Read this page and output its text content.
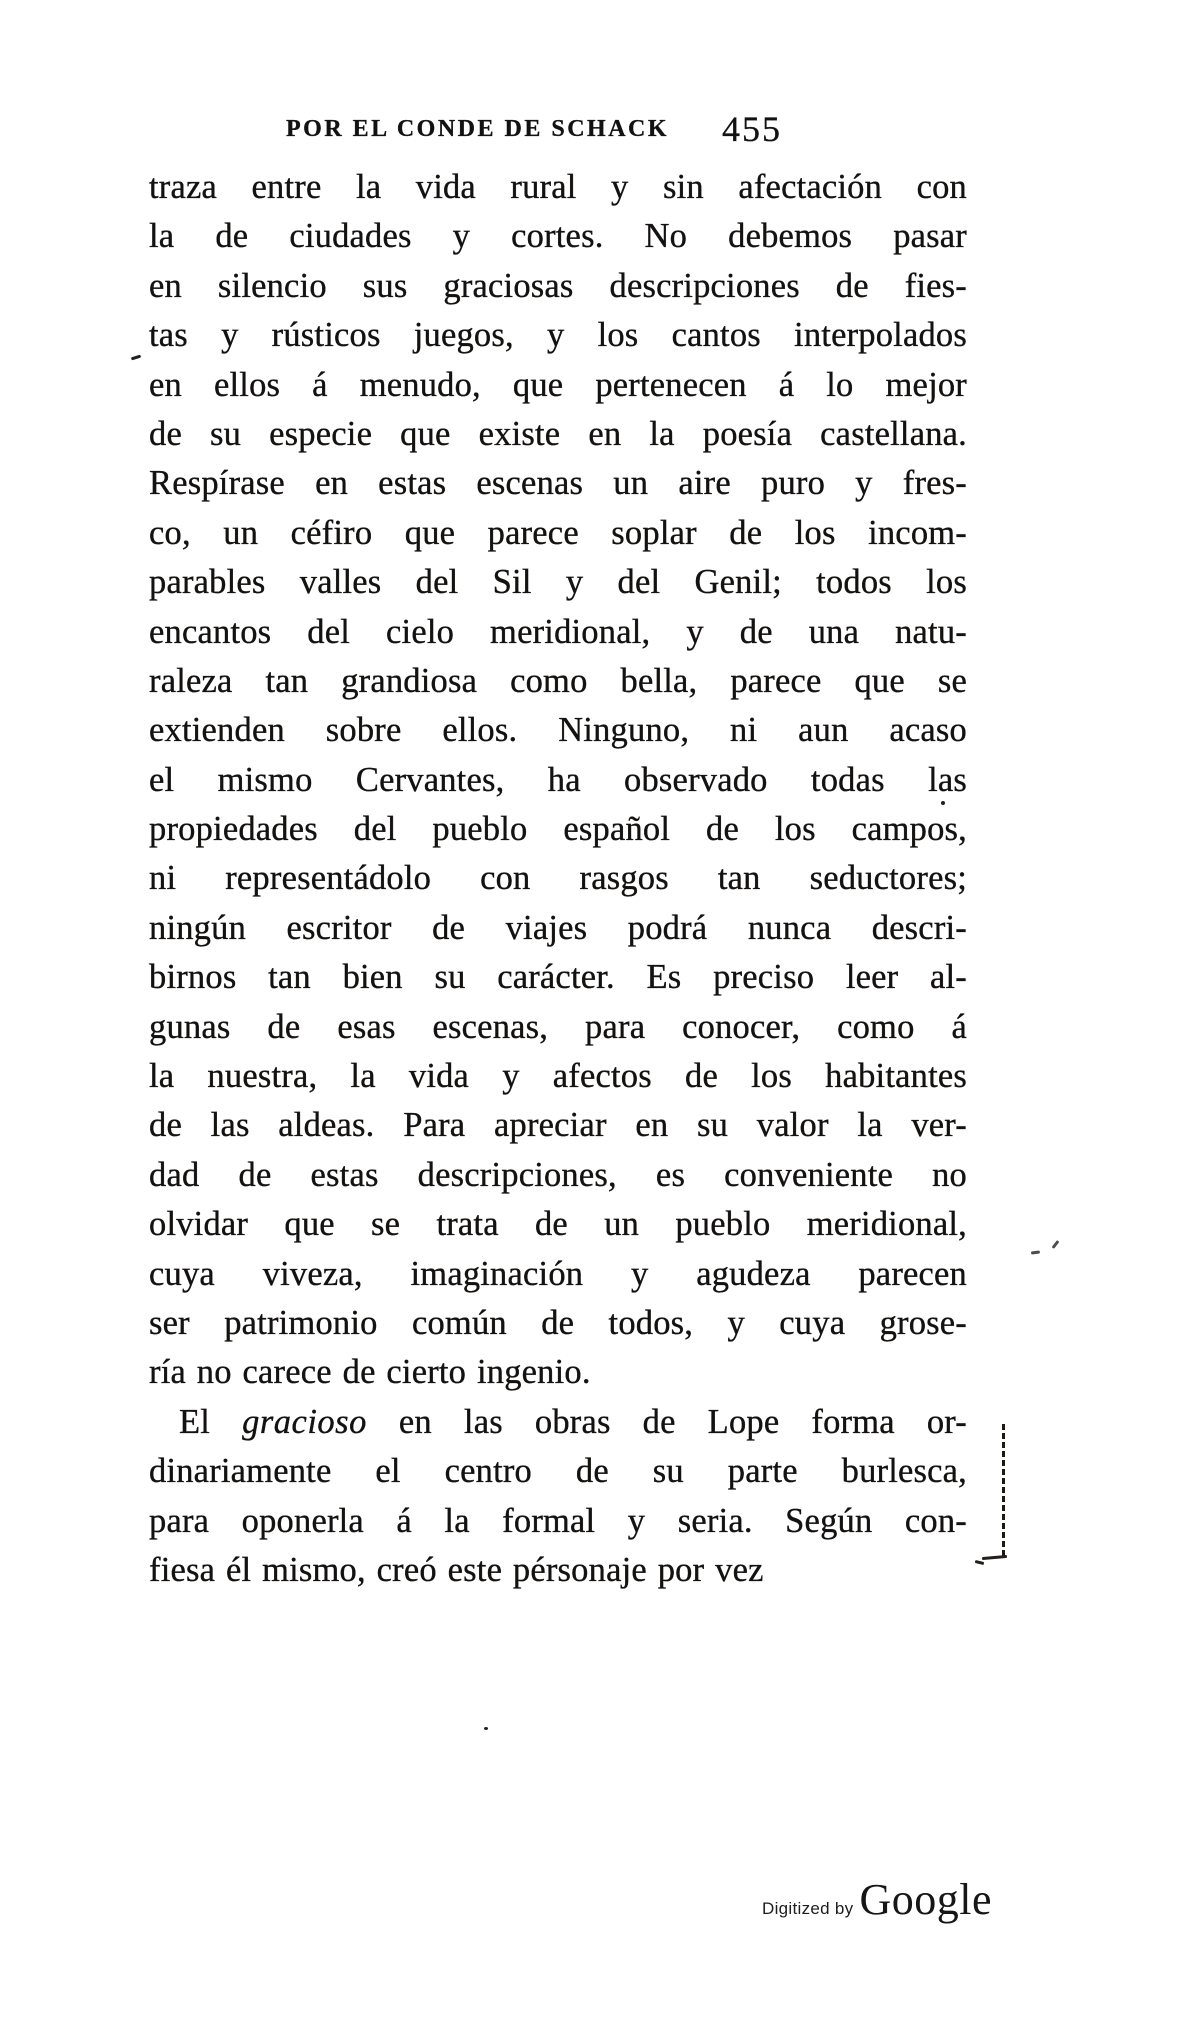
POR EL CONDE DE SCHACK 455
traza entre la vida rural y sin afectación con
la de ciudades y cortes. No debemos pasar
en silencio sus graciosas descripciones de fies-
tas y rústicos juegos, y los cantos interpolados
en ellos á menudo, que pertenecen á lo mejor
de su especie que existe en la poesía castellana.
Respírase en estas escenas un aire puro y fres-
co, un céfiro que parece soplar de los incom-
parables valles del Sil y del Genil; todos los
encantos del cielo meridional, y de una natu-
raleza tan grandiosa como bella, parece que se
extienden sobre ellos. Ninguno, ni aun acaso
el mismo Cervantes, ha observado todas las
propiedades del pueblo español de los campos,
ni representádolo con rasgos tan seductores;
ningún escritor de viajes podrá nunca descri-
birnos tan bien su carácter. Es preciso leer al-
gunas de esas escenas, para conocer, como á
la nuestra, la vida y afectos de los habitantes
de las aldeas. Para apreciar en su valor la ver-
dad de estas descripciones, es conveniente no
olvidar que se trata de un pueblo meridional,
cuya viveza, imaginación y agudeza parecen
ser patrimonio común de todos, y cuya grose-
ría no carece de cierto ingenio.
El gracioso en las obras de Lope forma or-
dinariamente el centro de su parte burlesca,
para oponerla á la formal y seria. Según con-
fiesa él mismo, creó este pérsonaje por vez
Digitized by Google
